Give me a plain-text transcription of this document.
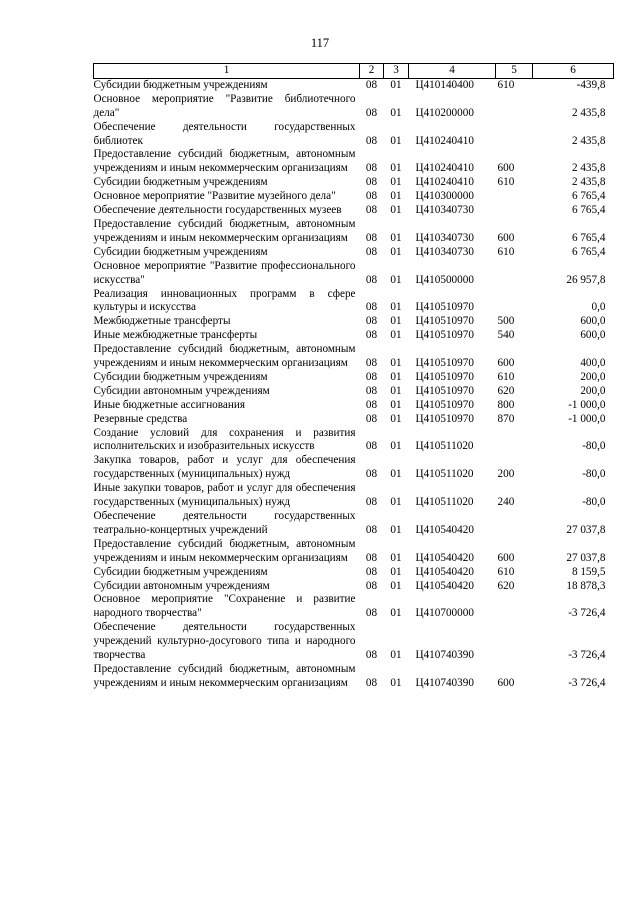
117
1	2	3	4	5	6
Субсидии бюджетным учреждениям	08	01	Ц410140400	610	-439,8
Основное мероприятие "Развитие библиотечного дела"	08	01	Ц410200000		2 435,8
Обеспечение деятельности государственных библиотек	08	01	Ц410240410		2 435,8
Предоставление субсидий бюджетным, автономным учреждениям и иным некоммерческим организациям	08	01	Ц410240410	600	2 435,8
Субсидии бюджетным учреждениям	08	01	Ц410240410	610	2 435,8
Основное мероприятие "Развитие музейного дела"	08	01	Ц410300000		6 765,4
Обеспечение деятельности государственных музеев	08	01	Ц410340730		6 765,4
Предоставление субсидий бюджетным, автономным учреждениям и иным некоммерческим организациям	08	01	Ц410340730	600	6 765,4
Субсидии бюджетным учреждениям	08	01	Ц410340730	610	6 765,4
Основное мероприятие "Развитие профессионального искусства"	08	01	Ц410500000		26 957,8
Реализация инновационных программ в сфере культуры и искусства	08	01	Ц410510970		0,0
Межбюджетные трансферты	08	01	Ц410510970	500	600,0
Иные межбюджетные трансферты	08	01	Ц410510970	540	600,0
Предоставление субсидий бюджетным, автономным учреждениям и иным некоммерческим организациям	08	01	Ц410510970	600	400,0
Субсидии бюджетным учреждениям	08	01	Ц410510970	610	200,0
Субсидии автономным учреждениям	08	01	Ц410510970	620	200,0
Иные бюджетные ассигнования	08	01	Ц410510970	800	-1 000,0
Резервные средства	08	01	Ц410510970	870	-1 000,0
Создание условий для сохранения и развития исполнительских и изобразительных искусств	08	01	Ц410511020		-80,0
Закупка товаров, работ и услуг для обеспечения государственных (муниципальных) нужд	08	01	Ц410511020	200	-80,0
Иные закупки товаров, работ и услуг для обеспечения государственных (муниципальных) нужд	08	01	Ц410511020	240	-80,0
Обеспечение деятельности государственных театрально-концертных учреждений	08	01	Ц410540420		27 037,8
Предоставление субсидий бюджетным, автономным учреждениям и иным некоммерческим организациям	08	01	Ц410540420	600	27 037,8
Субсидии бюджетным учреждениям	08	01	Ц410540420	610	8 159,5
Субсидии автономным учреждениям	08	01	Ц410540420	620	18 878,3
Основное мероприятие "Сохранение и развитие народного творчества"	08	01	Ц410700000		-3 726,4
Обеспечение деятельности государственных учреждений культурно-досугового типа и народного творчества	08	01	Ц410740390		-3 726,4
Предоставление субсидий бюджетным, автономным учреждениям и иным некоммерческим организациям	08	01	Ц410740390	600	-3 726,4
